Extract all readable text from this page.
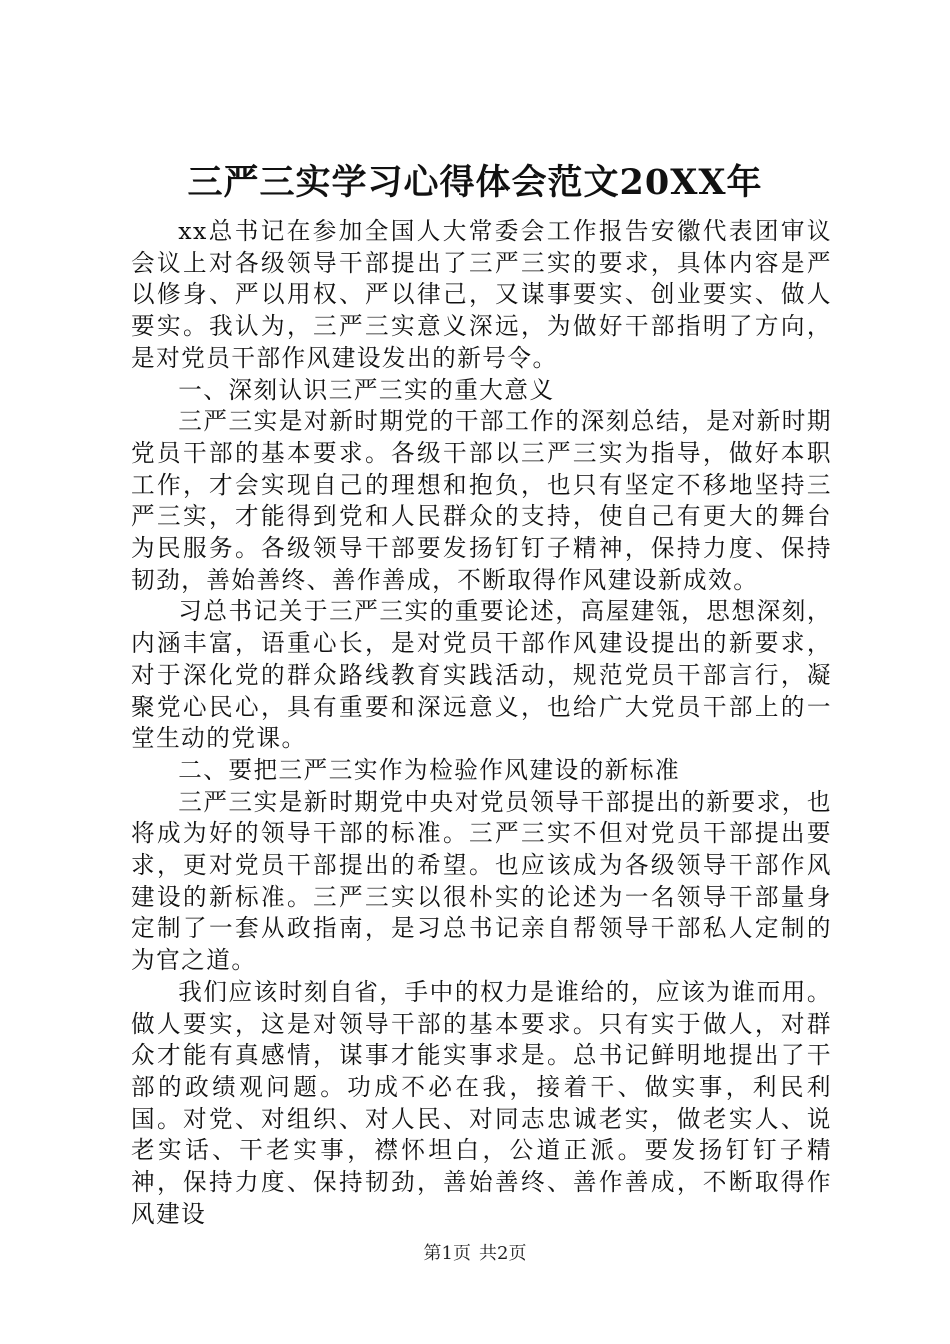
三严三实学习心得体会范文20XX年

xx总书记在参加全国人大常委会工作报告安徽代表团审议会议上对各级领导干部提出了三严三实的要求，具体内容是严以修身、严以用权、严以律己，又谋事要实、创业要实、做人要实。我认为，三严三实意义深远，为做好干部指明了方向，是对党员干部作风建设发出的新号令。

一、深刻认识三严三实的重大意义

三严三实是对新时期党的干部工作的深刻总结，是对新时期党员干部的基本要求。各级干部以三严三实为指导，做好本职工作，才会实现自己的理想和抱负，也只有坚定不移地坚持三严三实，才能得到党和人民群众的支持，使自己有更大的舞台为民服务。各级领导干部要发扬钉钉子精神，保持力度、保持韧劲，善始善终、善作善成，不断取得作风建设新成效。

习总书记关于三严三实的重要论述，高屋建瓴，思想深刻，内涵丰富，语重心长，是对党员干部作风建设提出的新要求，对于深化党的群众路线教育实践活动，规范党员干部言行，凝聚党心民心，具有重要和深远意义，也给广大党员干部上的一堂生动的党课。

二、要把三严三实作为检验作风建设的新标准

三严三实是新时期党中央对党员领导干部提出的新要求，也将成为好的领导干部的标准。三严三实不但对党员干部提出要求，更对党员干部提出的希望。也应该成为各级领导干部作风建设的新标准。三严三实以很朴实的论述为一名领导干部量身定制了一套从政指南，是习总书记亲自帮领导干部私人定制的为官之道。

我们应该时刻自省，手中的权力是谁给的，应该为谁而用。做人要实，这是对领导干部的基本要求。只有实于做人，对群众才能有真感情，谋事才能实事求是。总书记鲜明地提出了干部的政绩观问题。功成不必在我，接着干、做实事，利民利国。对党、对组织、对人民、对同志忠诚老实，做老实人、说老实话、干老实事，襟怀坦白，公道正派。要发扬钉钉子精神，保持力度、保持韧劲，善始善终、善作善成，不断取得作风建设

第1页 共2页
